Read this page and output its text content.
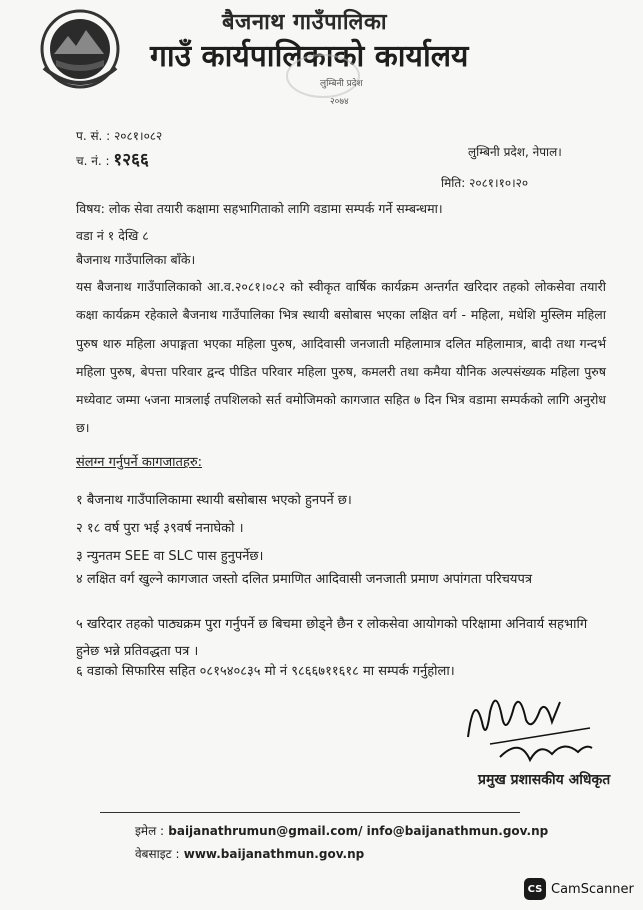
बैजनाथ गाउँपालिका
गाउँ कार्यपालिकाको कार्यालय
लुम्बिनी प्रदेश
२०७४
प. सं. : २०८१।०८२
च. नं. : १२६६	लुम्बिनी प्रदेश, नेपाल।
मिति: २०८१।१०।२०
विषय: लोक सेवा तयारी कक्षामा सहभागिताको लागि वडामा सम्पर्क गर्ने सम्बन्धमा।
वडा नं १ देखि ८
बैजनाथ गाउँपालिका बाँके।
यस बैजनाथ गाउँपालिकाको आ.व.२०८१।०८२ को स्वीकृत वार्षिक कार्यक्रम अन्तर्गत खरिदार तहको लोकसेवा तयारी कक्षा कार्यक्रम रहेकाले बैजनाथ गाउँपालिका भित्र स्थायी बसोबास भएका लक्षित वर्ग - महिला, मधेशि मुस्लिम महिला पुरुष थारु महिला अपाङ्गता भएका महिला पुरुष, आदिवासी जनजाती महिलामात्र दलित महिलामात्र, बादी तथा गन्दर्भ महिला पुरुष, बेपत्ता परिवार द्वन्द पीडित परिवार महिला पुरुष, कमलरी तथा कमैया यौनिक अल्पसंख्यक महिला पुरुष मध्येवाट जम्मा ५जना मात्रलाई तपशिलको सर्त वमोजिमको कागजात सहित ७ दिन भित्र वडामा सम्पर्कको लागि अनुरोध छ।
संलग्न गर्नुपर्ने कागजातहरु:
१ बैजनाथ गाउँपालिकामा स्थायी बसोबास भएको हुनपर्ने छ।
२ १८ वर्ष पुरा भई ३९वर्ष ननाघेको ।
३ न्युनतम SEE वा SLC पास हुनुपर्नेछ।
४ लक्षित वर्ग खुल्ने कागजात जस्तो दलित प्रमाणित आदिवासी जनजाती प्रमाण अपांगता परिचयपत्र
५ खरिदार तहको पाठ्यक्रम पुरा गर्नुपर्ने छ बिचमा छोड्ने छैन र लोकसेवा आयोगको परिक्षामा अनिवार्य सहभागि हुनेछ भन्ने प्रतिवद्धता पत्र ।
६ वडाको सिफारिस सहित ०८१५४०८३५ मो नं ९८६६७११६१८ मा सम्पर्क गर्नुहोला।
प्रमुख प्रशासकीय अधिकृत
इमेल : baijanathrumun@gmail.com/ info@baijanathmun.gov.np
वेबसाइट : www.baijanathmun.gov.np
CS CamScanner
